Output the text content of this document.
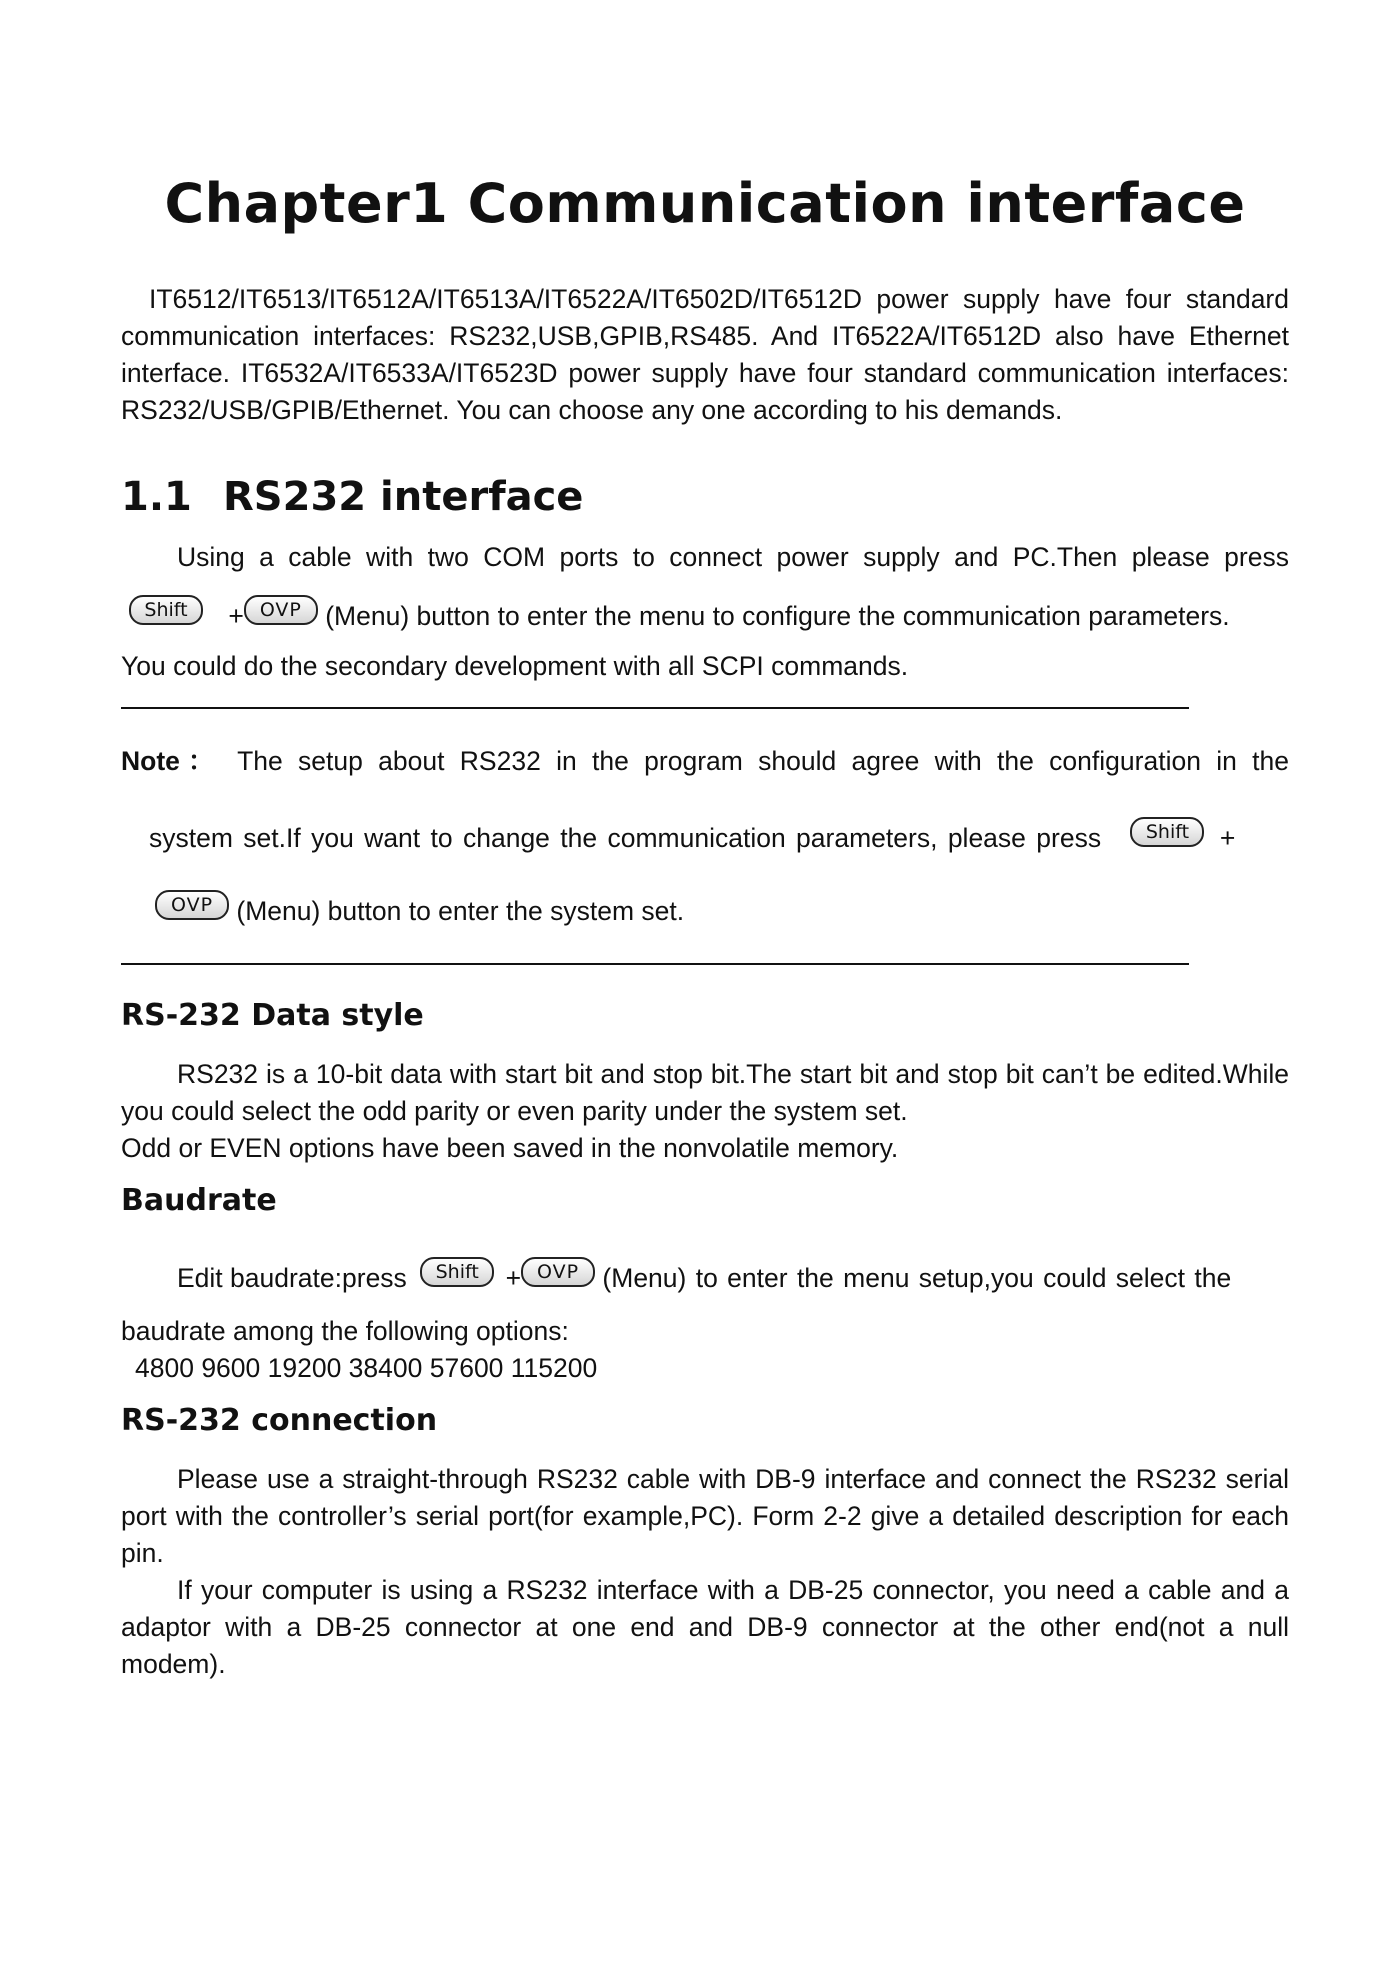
Chapter1 Communication interface

IT6512/IT6513/IT6512A/IT6513A/IT6522A/IT6502D/IT6512D power supply have four standard communication interfaces: RS232,USB,GPIB,RS485. And IT6522A/IT6512D also have Ethernet interface. IT6532A/IT6533A/IT6523D power supply have four standard communication interfaces: RS232/USB/GPIB/Ethernet. You can choose any one according to his demands.

1.1 RS232 interface
Using a cable with two COM ports to connect power supply and PC.Then please press
Shift + OVP (Menu) button to enter the menu to configure the communication parameters.
You could do the secondary development with all SCPI commands.
Note： The setup about RS232 in the program should agree with the configuration in the
system set.If you want to change the communication parameters, please press Shift +
OVP (Menu) button to enter the system set.
RS-232 Data style

RS232 is a 10-bit data with start bit and stop bit.The start bit and stop bit can’t be edited.While you could select the odd parity or even parity under the system set.

Odd or EVEN options have been saved in the nonvolatile memory.
Baudrate
Edit baudrate:press Shift + OVP (Menu) to enter the menu setup,you could select the
baudrate among the following options:
4800 9600 19200 38400 57600 115200
RS-232 connection

Please use a straight-through RS232 cable with DB-9 interface and connect the RS232 serial port with the controller’s serial port(for example,PC). Form 2-2 give a detailed description for each pin.

If your computer is using a RS232 interface with a DB-25 connector, you need a cable and a adaptor with a DB-25 connector at one end and DB-9 connector at the other end(not a null modem).
